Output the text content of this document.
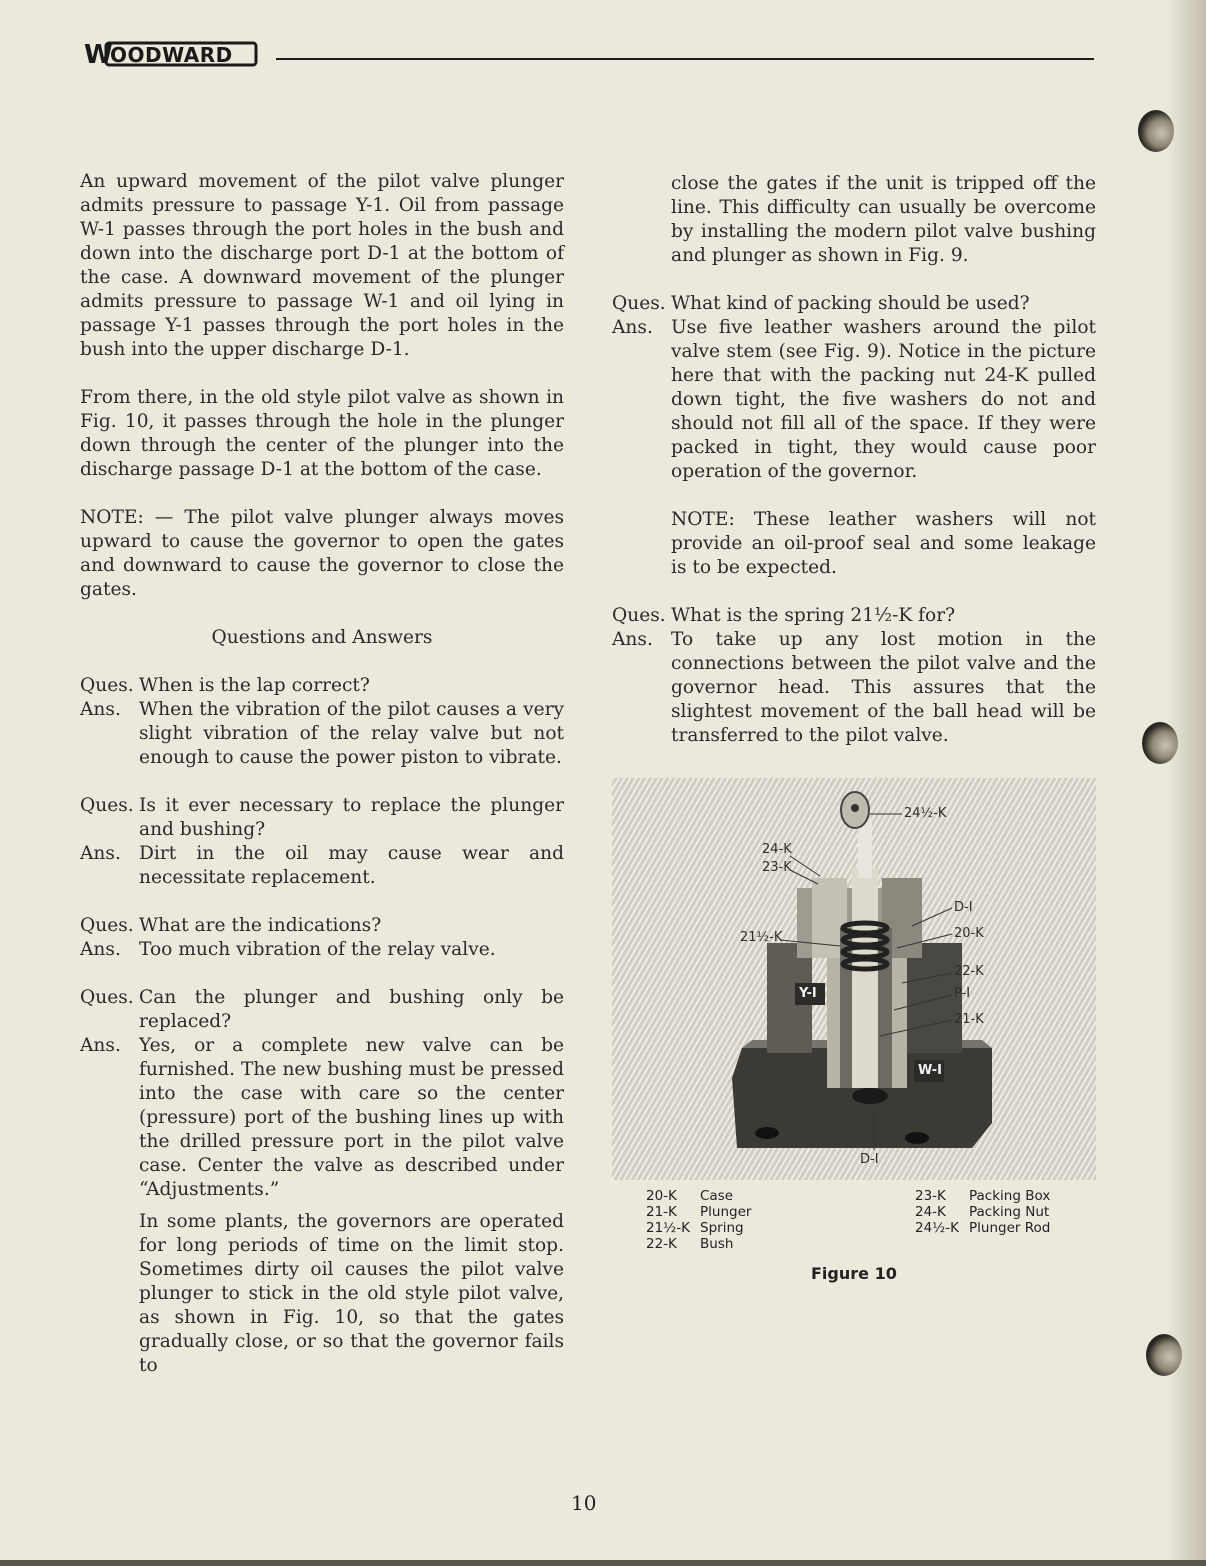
W
OODWARD

An upward movement of the pilot valve plunger admits pressure to passage Y-1. Oil from passage W-1 passes through the port holes in the bush and down into the discharge port D-1 at the bottom of the case. A downward movement of the plunger admits pressure to passage W-1 and oil lying in passage Y-1 passes through the port holes in the bush into the upper discharge D-1.

From there, in the old style pilot valve as shown in Fig. 10, it passes through the hole in the plunger down through the center of the plunger into the discharge passage D-1 at the bottom of the case.

NOTE: — The pilot valve plunger always moves upward to cause the governor to open the gates and downward to cause the governor to close the gates.

Questions and Answers

Ques. When is the lap correct?
Ans. When the vibration of the pilot causes a very slight vibration of the relay valve but not enough to cause the power piston to vibrate.
Ques. Is it ever necessary to replace the plunger and bushing?
Ans. Dirt in the oil may cause wear and necessitate replacement.
Ques. What are the indications?
Ans. Too much vibration of the relay valve.
Ques. Can the plunger and bushing only be replaced?
Ans. Yes, or a complete new valve can be furnished. The new bushing must be pressed into the case with care so the center (pressure) port of the bushing lines up with the drilled pressure port in the pilot valve case. Center the valve as described under “Adjustments.”
In some plants, the governors are operated for long periods of time on the limit stop. Sometimes dirty oil causes the pilot valve plunger to stick in the old style pilot valve, as shown in Fig. 10, so that the gates gradually close, or so that the governor fails to
close the gates if the unit is tripped off the line. This difficulty can usually be overcome by installing the modern pilot valve bushing and plunger as shown in Fig. 9.
Ques. What kind of packing should be used?
Ans. Use five leather washers around the pilot valve stem (see Fig. 9). Notice in the picture here that with the packing nut 24-K pulled down tight, the five washers do not and should not fill all of the space. If they were packed in tight, they would cause poor operation of the governor.
NOTE: These leather washers will not provide an oil-proof seal and some leakage is to be expected.
Ques. What is the spring 21½-K for?
Ans. To take up any lost motion in the connections between the pilot valve and the governor head. This assures that the slightest movement of the ball head will be transferred to the pilot valve.
24½-K
24-K
23-K
21½-K
D-I
20-K
22-K
P-I
21-K
Y-I
W-I
D-I
20-K	Case
21-K	Plunger
21½-K Spring
22-K	Bush
23-K	Packing Box
24-K	Packing Nut
24½-K Plunger Rod
Figure 10
10
